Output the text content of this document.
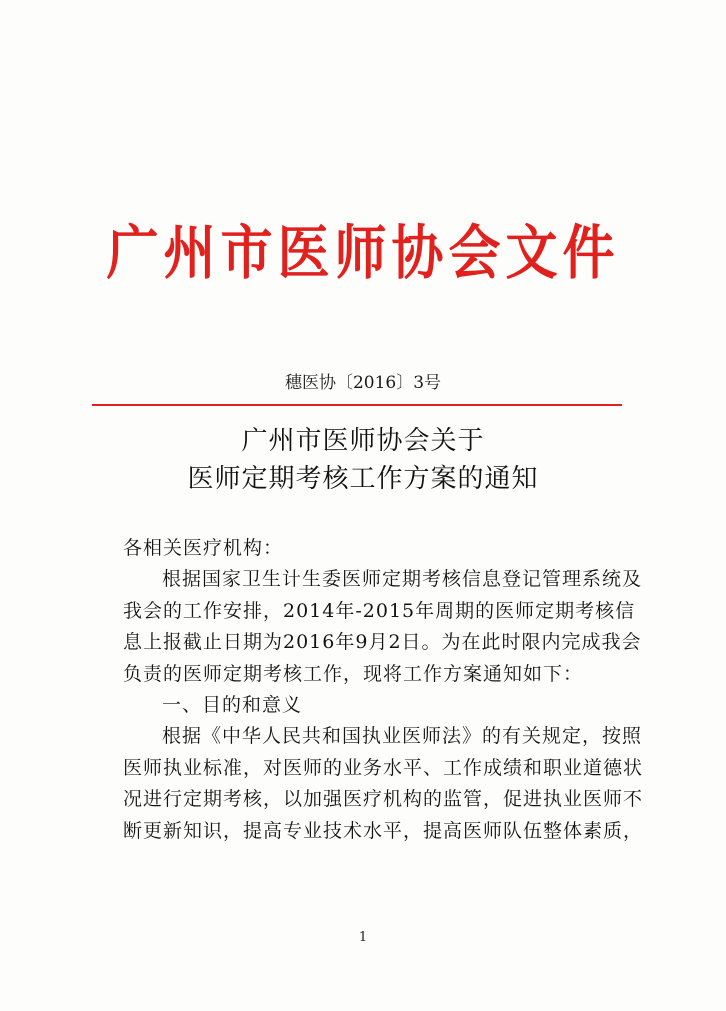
广州市医师协会文件
穗医协〔2016〕3号
广州市医师协会关于
医师定期考核工作方案的通知

各相关医疗机构：

根据国家卫生计生委医师定期考核信息登记管理系统及我会的工作安排，2014年-2015年周期的医师定期考核信息上报截止日期为2016年9月2日。为在此时限内完成我会负责的医师定期考核工作，现将工作方案通知如下：

一、目的和意义

根据《中华人民共和国执业医师法》的有关规定，按照医师执业标准，对医师的业务水平、工作成绩和职业道德状况进行定期考核，以加强医疗机构的监管，促进执业医师不断更新知识，提高专业技术水平，提高医师队伍整体素质，

1
